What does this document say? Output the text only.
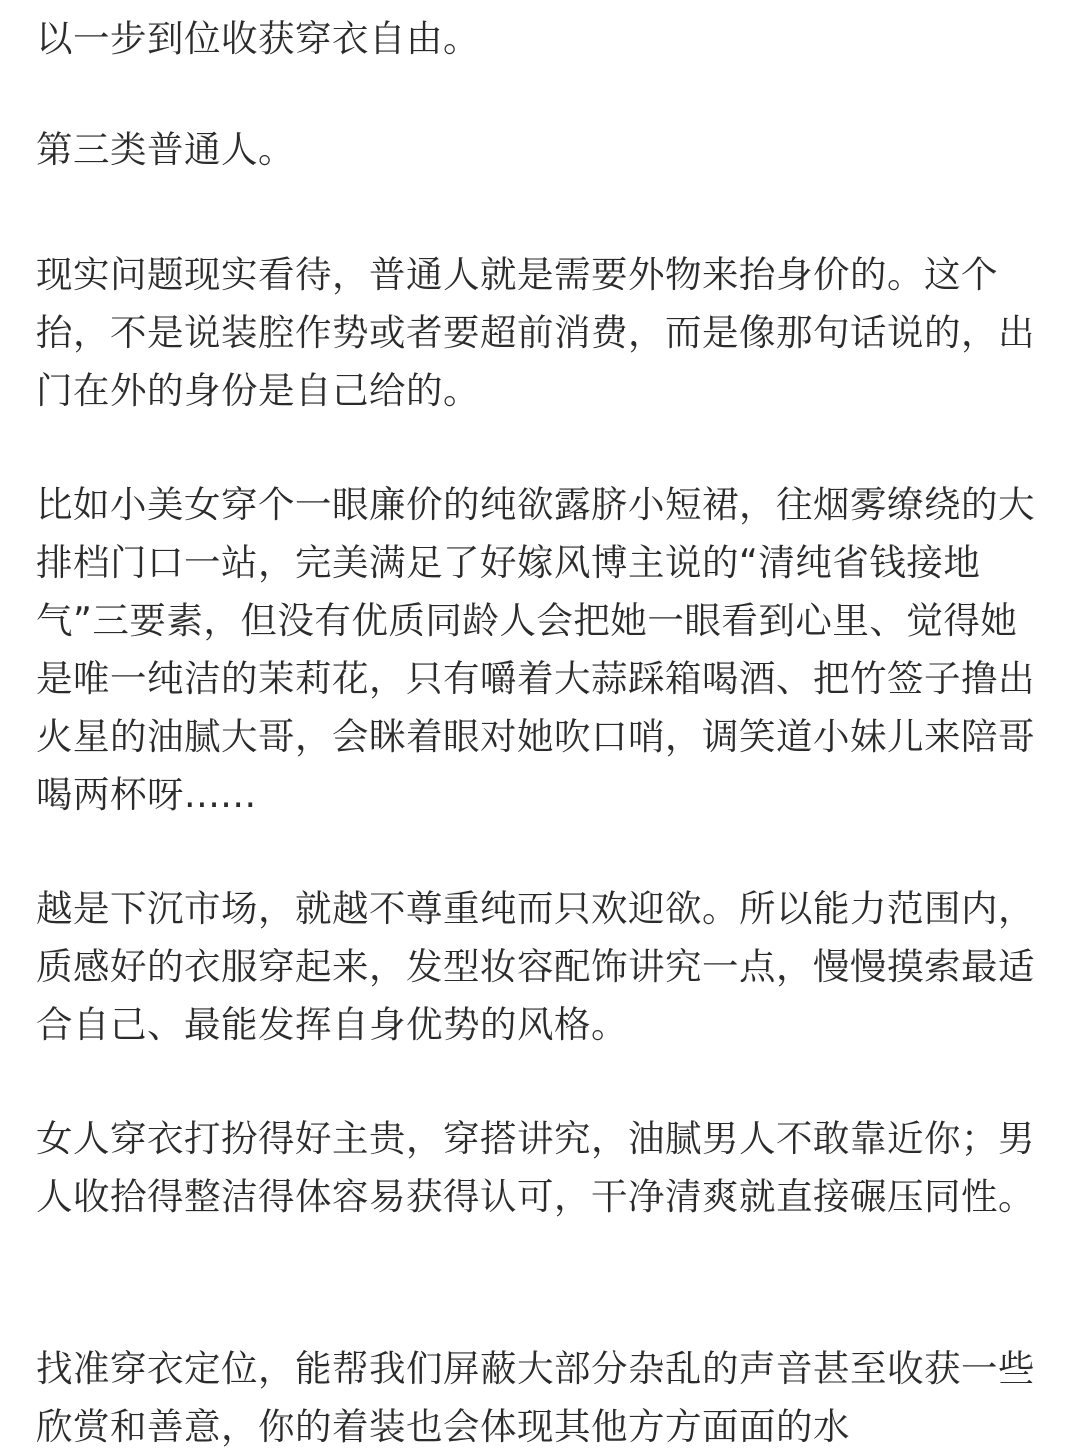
以一步到位收获穿衣自由。

第三类普通人。

现实问题现实看待，普通人就是需要外物来抬身价的。这个抬，不是说装腔作势或者要超前消费，而是像那句话说的，出门在外的身份是自己给的。

比如小美女穿个一眼廉价的纯欲露脐小短裙，往烟雾缭绕的大排档门口一站，完美满足了好嫁风博主说的“清纯省钱接地气”三要素，但没有优质同龄人会把她一眼看到心里、觉得她是唯一纯洁的茉莉花，只有嚼着大蒜踩箱喝酒、把竹签子撸出火星的油腻大哥，会眯着眼对她吹口哨，调笑道小妹儿来陪哥喝两杯呀......

越是下沉市场，就越不尊重纯而只欢迎欲。所以能力范围内，质感好的衣服穿起来，发型妆容配饰讲究一点，慢慢摸索最适合自己、最能发挥自身优势的风格。

女人穿衣打扮得好主贵，穿搭讲究，油腻男人不敢靠近你；男人收拾得整洁得体容易获得认可，干净清爽就直接碾压同性。

找准穿衣定位，能帮我们屏蔽大部分杂乱的声音甚至收获一些欣赏和善意，你的着装也会体现其他方方面面的水
